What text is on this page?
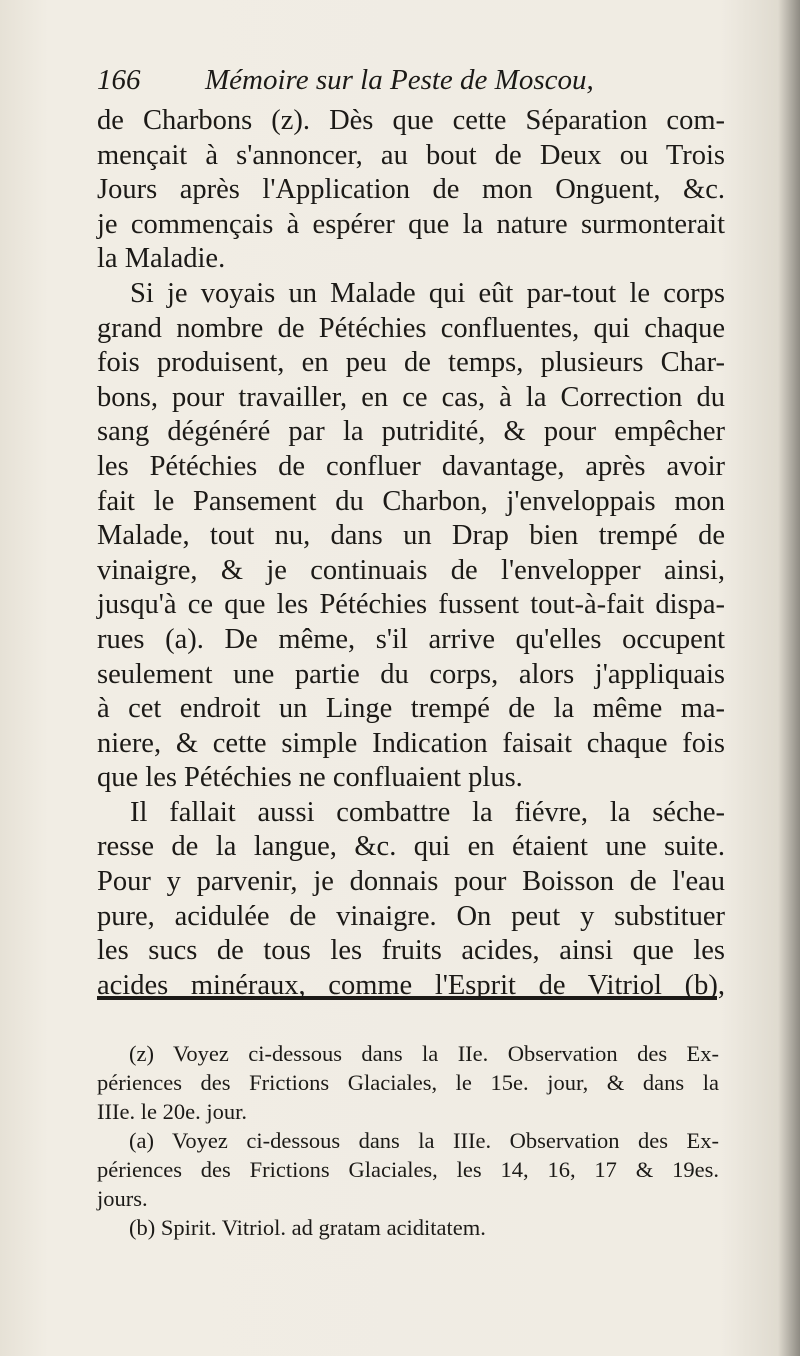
166 Mémoire sur la Peste de Moscou,
de Charbons (z). Dès que cette Séparation com-
mençait à s'annoncer, au bout de Deux ou Trois
Jours après l'Application de mon Onguent, &c.
je commençais à espérer que la nature surmonterait
la Maladie.
Si je voyais un Malade qui eût par-tout le corps
grand nombre de Pétéchies confluentes, qui chaque
fois produisent, en peu de temps, plusieurs Char-
bons, pour travailler, en ce cas, à la Correction du
sang dégénéré par la putridité, & pour empêcher
les Pétéchies de confluer davantage, après avoir
fait le Pansement du Charbon, j'enveloppais mon
Malade, tout nu, dans un Drap bien trempé de
vinaigre, & je continuais de l'envelopper ainsi,
jusqu'à ce que les Pétéchies fussent tout-à-fait dispa-
rues (a). De même, s'il arrive qu'elles occupent
seulement une partie du corps, alors j'appliquais
à cet endroit un Linge trempé de la même ma-
niere, & cette simple Indication faisait chaque fois
que les Pétéchies ne confluaient plus.
Il fallait aussi combattre la fiévre, la séche-
resse de la langue, &c. qui en étaient une suite.
Pour y parvenir, je donnais pour Boisson de l'eau
pure, acidulée de vinaigre. On peut y substituer
les sucs de tous les fruits acides, ainsi que les
acides minéraux, comme l'Esprit de Vitriol (b),
(z) Voyez ci-dessous dans la IIe. Observation des Ex-
périences des Frictions Glaciales, le 15e. jour, & dans la
IIIe. le 20e. jour.
(a) Voyez ci-dessous dans la IIIe. Observation des Ex-
périences des Frictions Glaciales, les 14, 16, 17 & 19es.
jours.
(b) Spirit. Vitriol. ad gratam aciditatem.
